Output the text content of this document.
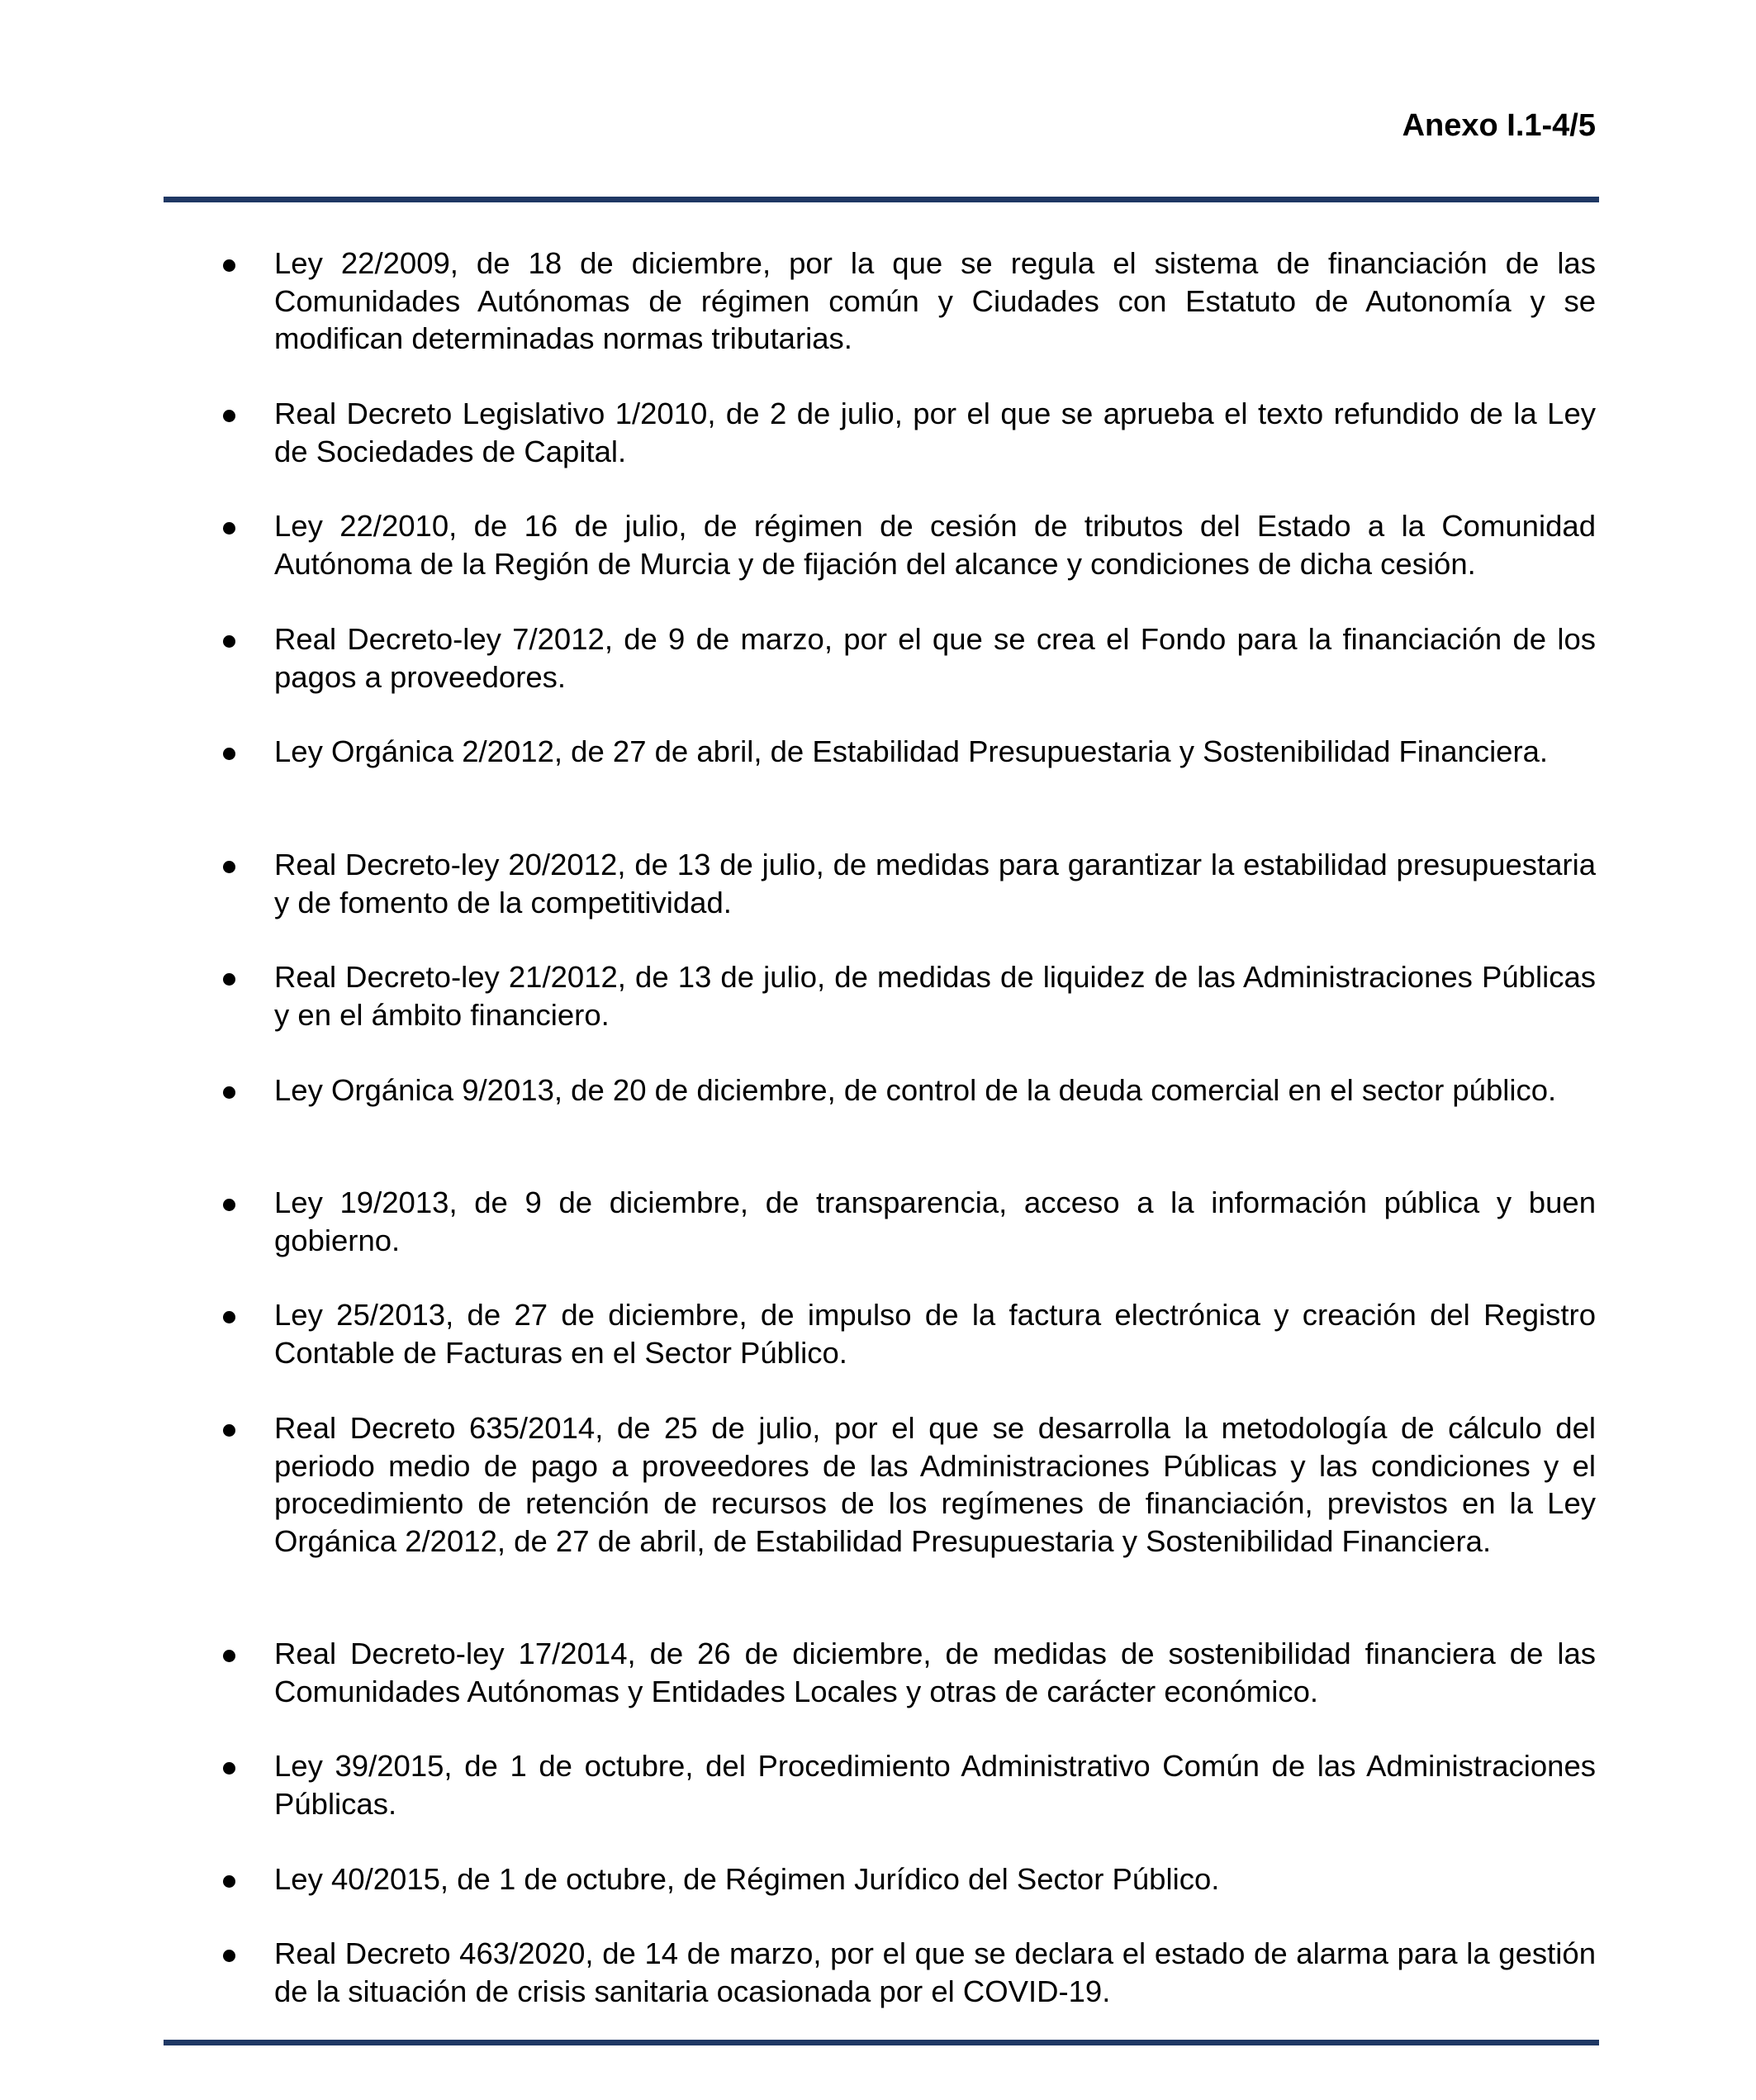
Anexo I.1-4/5

Ley 22/2009, de 18 de diciembre, por la que se regula el sistema de financiación de las Comunidades Autónomas de régimen común y Ciudades con Estatuto de Autonomía y se modifican determinadas normas tributarias.

Real Decreto Legislativo 1/2010, de 2 de julio, por el que se aprueba el texto refundido de la Ley de Sociedades de Capital.

Ley 22/2010, de 16 de julio, de régimen de cesión de tributos del Estado a la Comunidad Autónoma de la Región de Murcia y de fijación del alcance y condiciones de dicha cesión.

Real Decreto-ley 7/2012, de 9 de marzo, por el que se crea el Fondo para la financiación de los pagos a proveedores.

Ley Orgánica 2/2012, de 27 de abril, de Estabilidad Presupuestaria y Sostenibilidad Financiera.

Real Decreto-ley 20/2012, de 13 de julio, de medidas para garantizar la estabilidad presupuestaria y de fomento de la competitividad.

Real Decreto-ley 21/2012, de 13 de julio, de medidas de liquidez de las Administraciones Públicas y en el ámbito financiero.

Ley Orgánica 9/2013, de 20 de diciembre, de control de la deuda comercial en el sector público.

Ley 19/2013, de 9 de diciembre, de transparencia, acceso a la información pública y buen gobierno.

Ley 25/2013, de 27 de diciembre, de impulso de la factura electrónica y creación del Registro Contable de Facturas en el Sector Público.

Real Decreto 635/2014, de 25 de julio, por el que se desarrolla la metodología de cálculo del periodo medio de pago a proveedores de las Administraciones Públicas y las condiciones y el procedimiento de retención de recursos de los regímenes de financiación, previstos en la Ley Orgánica 2/2012, de 27 de abril, de Estabilidad Presupuestaria y Sostenibilidad Financiera.

Real Decreto-ley 17/2014, de 26 de diciembre, de medidas de sostenibilidad financiera de las Comunidades Autónomas y Entidades Locales y otras de carácter económico.

Ley 39/2015, de 1 de octubre, del Procedimiento Administrativo Común de las Administraciones Públicas.

Ley 40/2015, de 1 de octubre, de Régimen Jurídico del Sector Público.

Real Decreto 463/2020, de 14 de marzo, por el que se declara el estado de alarma para la gestión de la situación de crisis sanitaria ocasionada por el COVID-19.
